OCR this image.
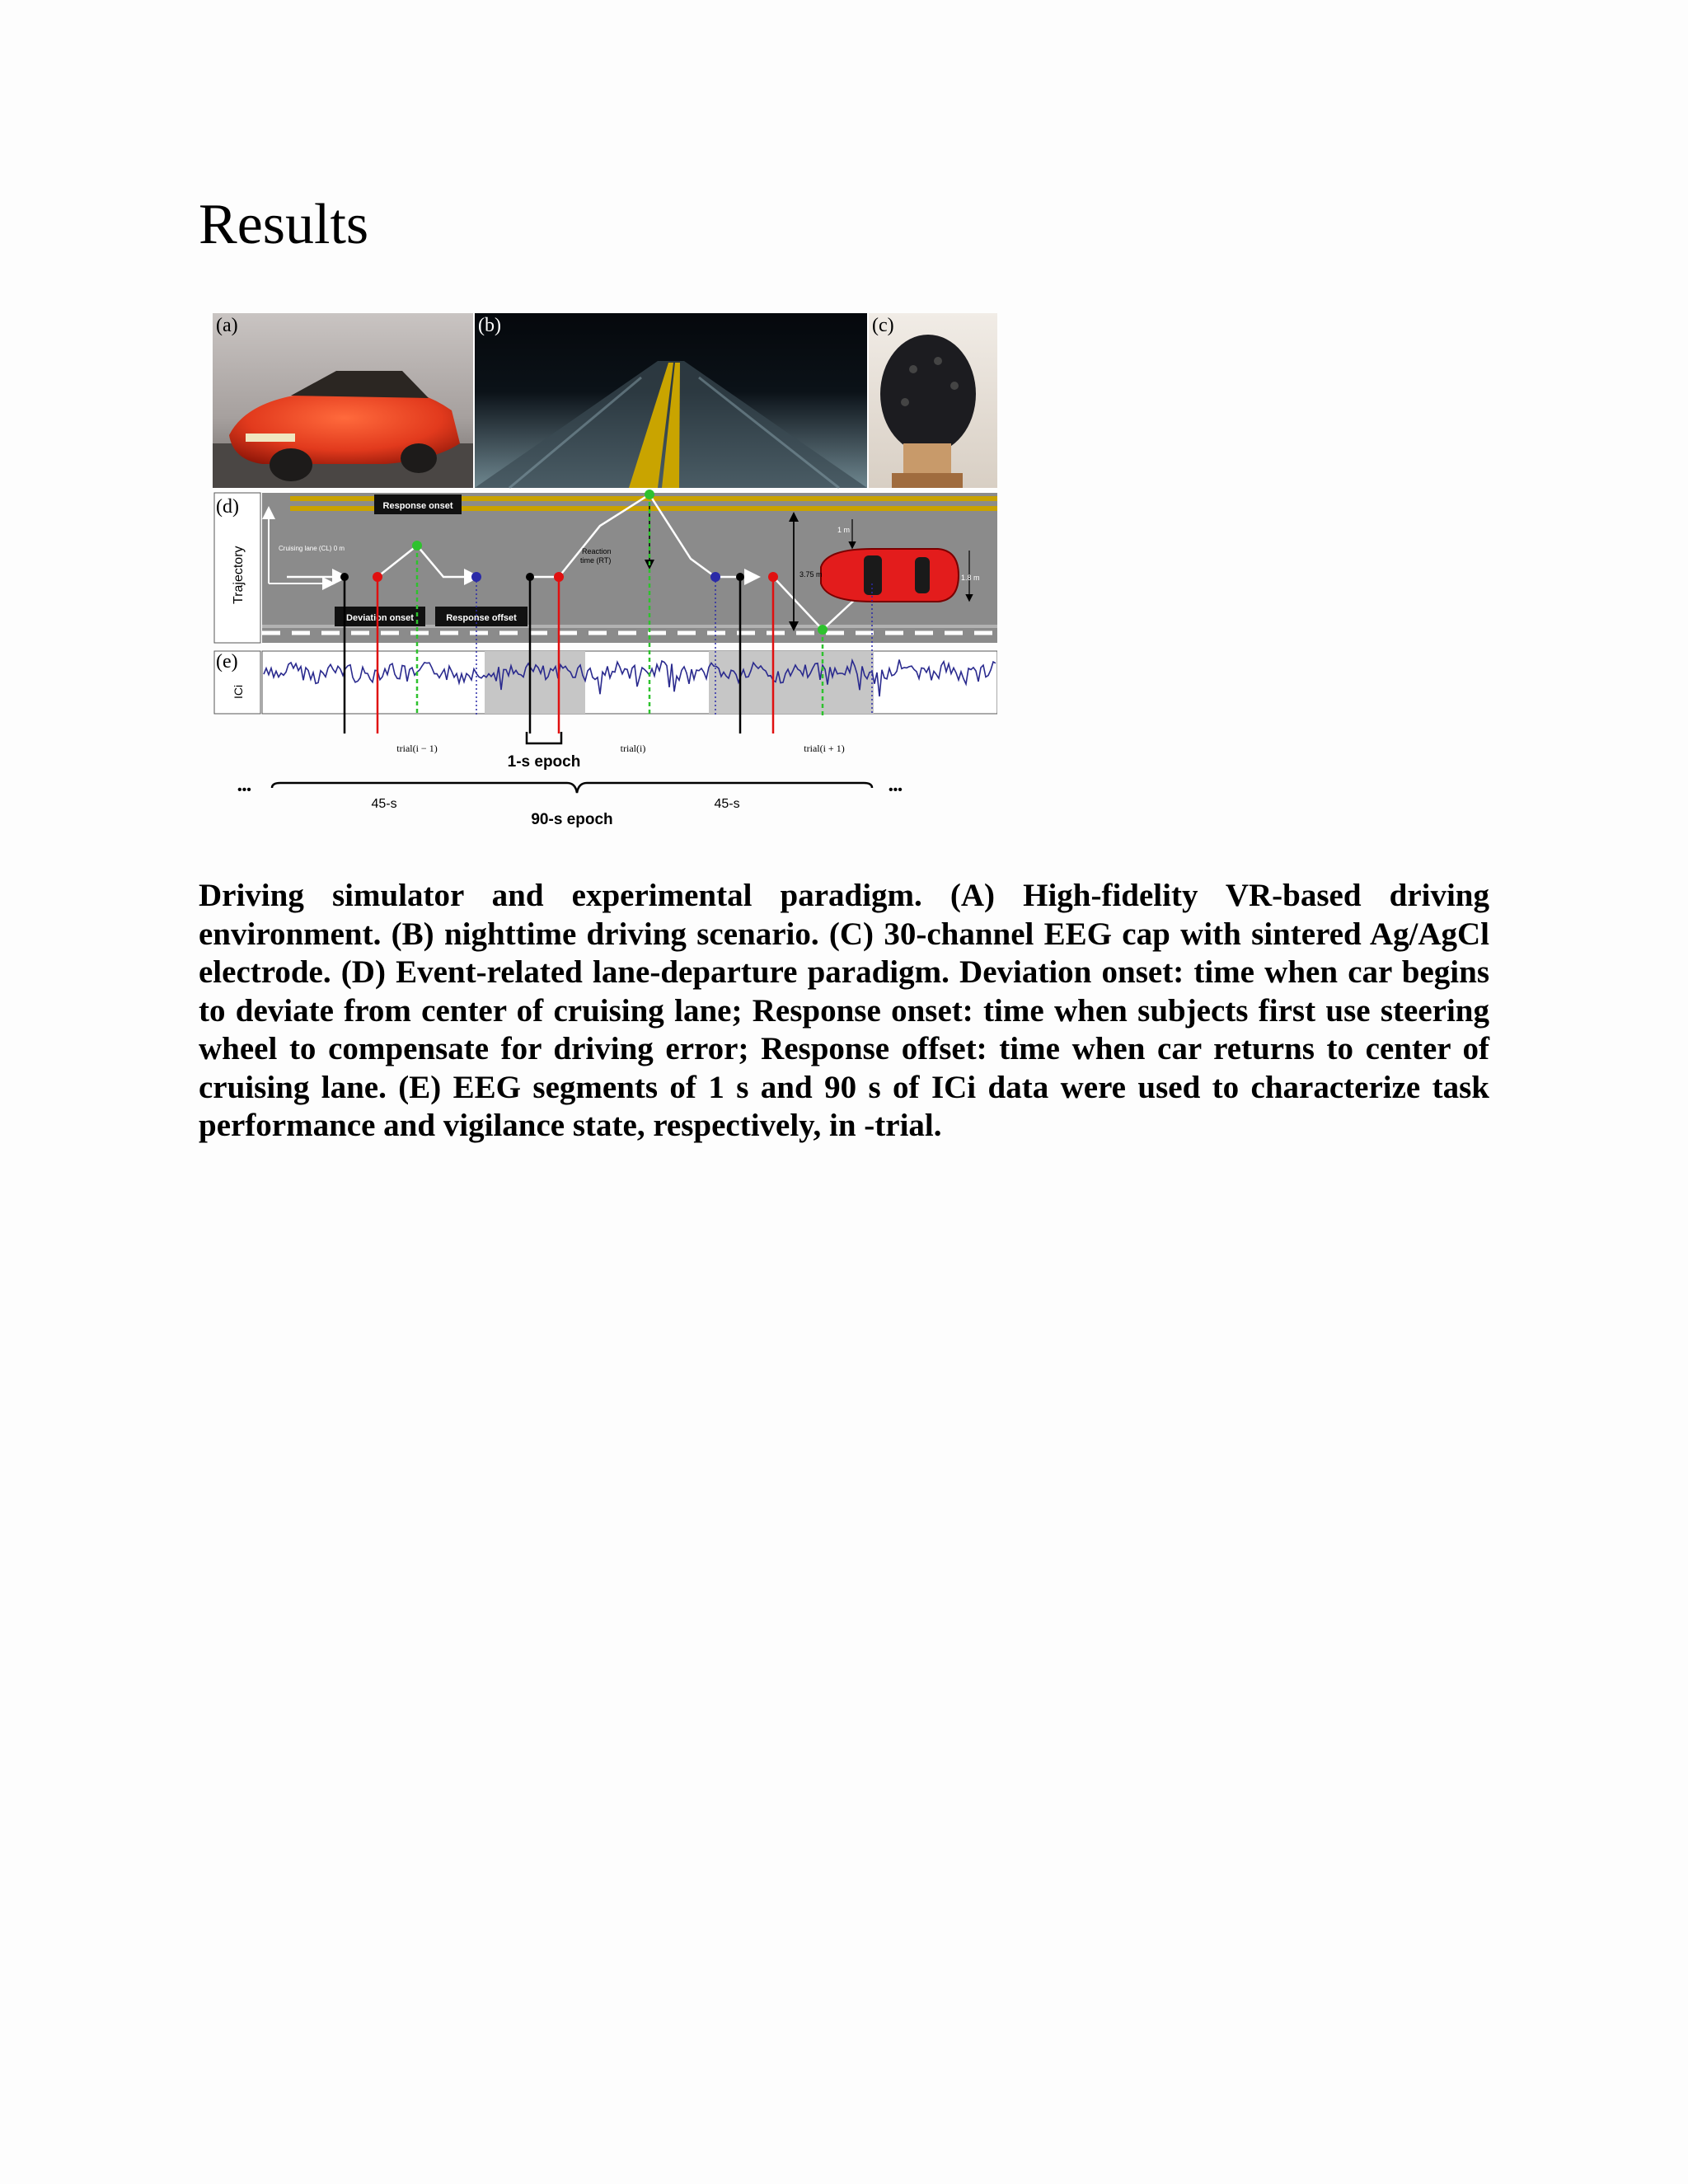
Results
(a)	(b)	(c)
Trajectory
(d)
Cruising lane (CL) 0 m
3.75 m
1 m
1.8 m
Reaction time (RT)
Response onset
Deviation onset	Response offset
(e)
ICi
1-s epoch
trial(i − 1)	trial(i)	trial(i + 1)
•••	•••
45-s	45-s
90-s epoch

Driving simulator and experimental paradigm. (A) High-fidelity VR-based driving environment. (B) nighttime driving scenario. (C) 30-channel EEG cap with sintered Ag/AgCl electrode. (D) Event-related lane-departure paradigm. Deviation onset: time when car begins to deviate from center of cruising lane; Response onset: time when subjects first use steering wheel to compensate for driving error; Response offset: time when car returns to center of cruising lane. (E) EEG segments of 1 s and 90 s of ICi data were used to characterize task performance and vigilance state, respectively, in -trial.
